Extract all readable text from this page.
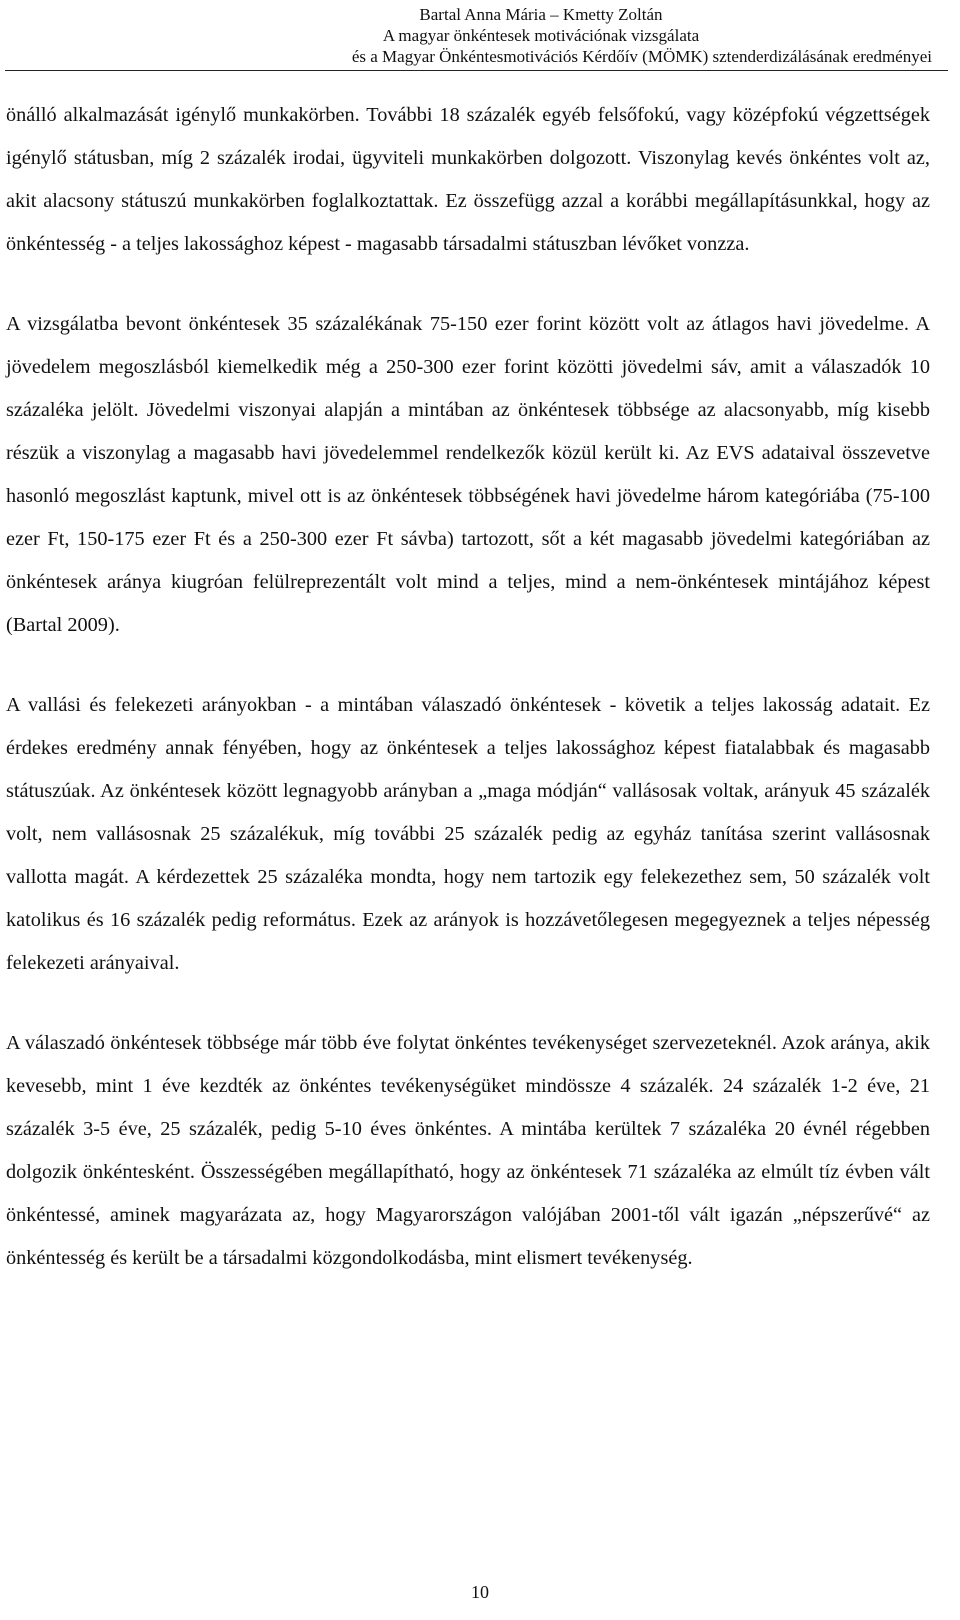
Bartal Anna Mária – Kmetty Zoltán
A magyar önkéntesek motivációnak vizsgálata
és a Magyar Önkéntesmotivációs Kérdőív (MÖMK) sztenderdizálásának eredményei

önálló alkalmazását igénylő munkakörben. További 18 százalék egyéb felsőfokú, vagy középfokú végzettségek igénylő státusban, míg 2 százalék irodai, ügyviteli munkakörben dolgozott. Viszonylag kevés önkéntes volt az, akit alacsony státuszú munkakörben foglalkoztattak. Ez összefügg azzal a korábbi megállapításunkkal, hogy az önkéntesség - a teljes lakossághoz képest - magasabb társadalmi státuszban lévőket vonzza.

A vizsgálatba bevont önkéntesek 35 százalékának 75-150 ezer forint között volt az átlagos havi jövedelme. A jövedelem megoszlásból kiemelkedik még a 250-300 ezer forint közötti jövedelmi sáv, amit a válaszadók 10 százaléka jelölt. Jövedelmi viszonyai alapján a mintában az önkéntesek többsége az alacsonyabb, míg kisebb részük a viszonylag a magasabb havi jövedelemmel rendelkezők közül került ki. Az EVS adataival összevetve hasonló megoszlást kaptunk, mivel ott is az önkéntesek többségének havi jövedelme három kategóriába (75-100 ezer Ft, 150-175 ezer Ft és a 250-300 ezer Ft sávba) tartozott, sőt a két magasabb jövedelmi kategóriában az önkéntesek aránya kiugróan felülreprezentált volt mind a teljes, mind a nem-önkéntesek mintájához képest (Bartal 2009).

A vallási és felekezeti arányokban - a mintában válaszadó önkéntesek - követik a teljes lakosság adatait. Ez érdekes eredmény annak fényében, hogy az önkéntesek a teljes lakossághoz képest fiatalabbak és magasabb státuszúak. Az önkéntesek között legnagyobb arányban a „maga módján“ vallásosak voltak, arányuk 45 százalék volt, nem vallásosnak 25 százalékuk, míg további 25 százalék pedig az egyház tanítása szerint vallásosnak vallotta magát. A kérdezettek 25 százaléka mondta, hogy nem tartozik egy felekezethez sem, 50 százalék volt katolikus és 16 százalék pedig református. Ezek az arányok is hozzávetőlegesen megegyeznek a teljes népesség felekezeti arányaival.

A válaszadó önkéntesek többsége már több éve folytat önkéntes tevékenységet szervezeteknél. Azok aránya, akik kevesebb, mint 1 éve kezdték az önkéntes tevékenységüket mindössze 4 százalék. 24 százalék 1-2 éve, 21 százalék 3-5 éve, 25 százalék, pedig 5-10 éves önkéntes. A mintába kerültek 7 százaléka 20 évnél régebben dolgozik önkéntesként. Összességében megállapítható, hogy az önkéntesek 71 százaléka az elmúlt tíz évben vált önkéntessé, aminek magyarázata az, hogy Magyarországon valójában 2001-től vált igazán „népszerűvé“ az önkéntesség és került be a társadalmi közgondolkodásba, mint elismert tevékenység.

10
